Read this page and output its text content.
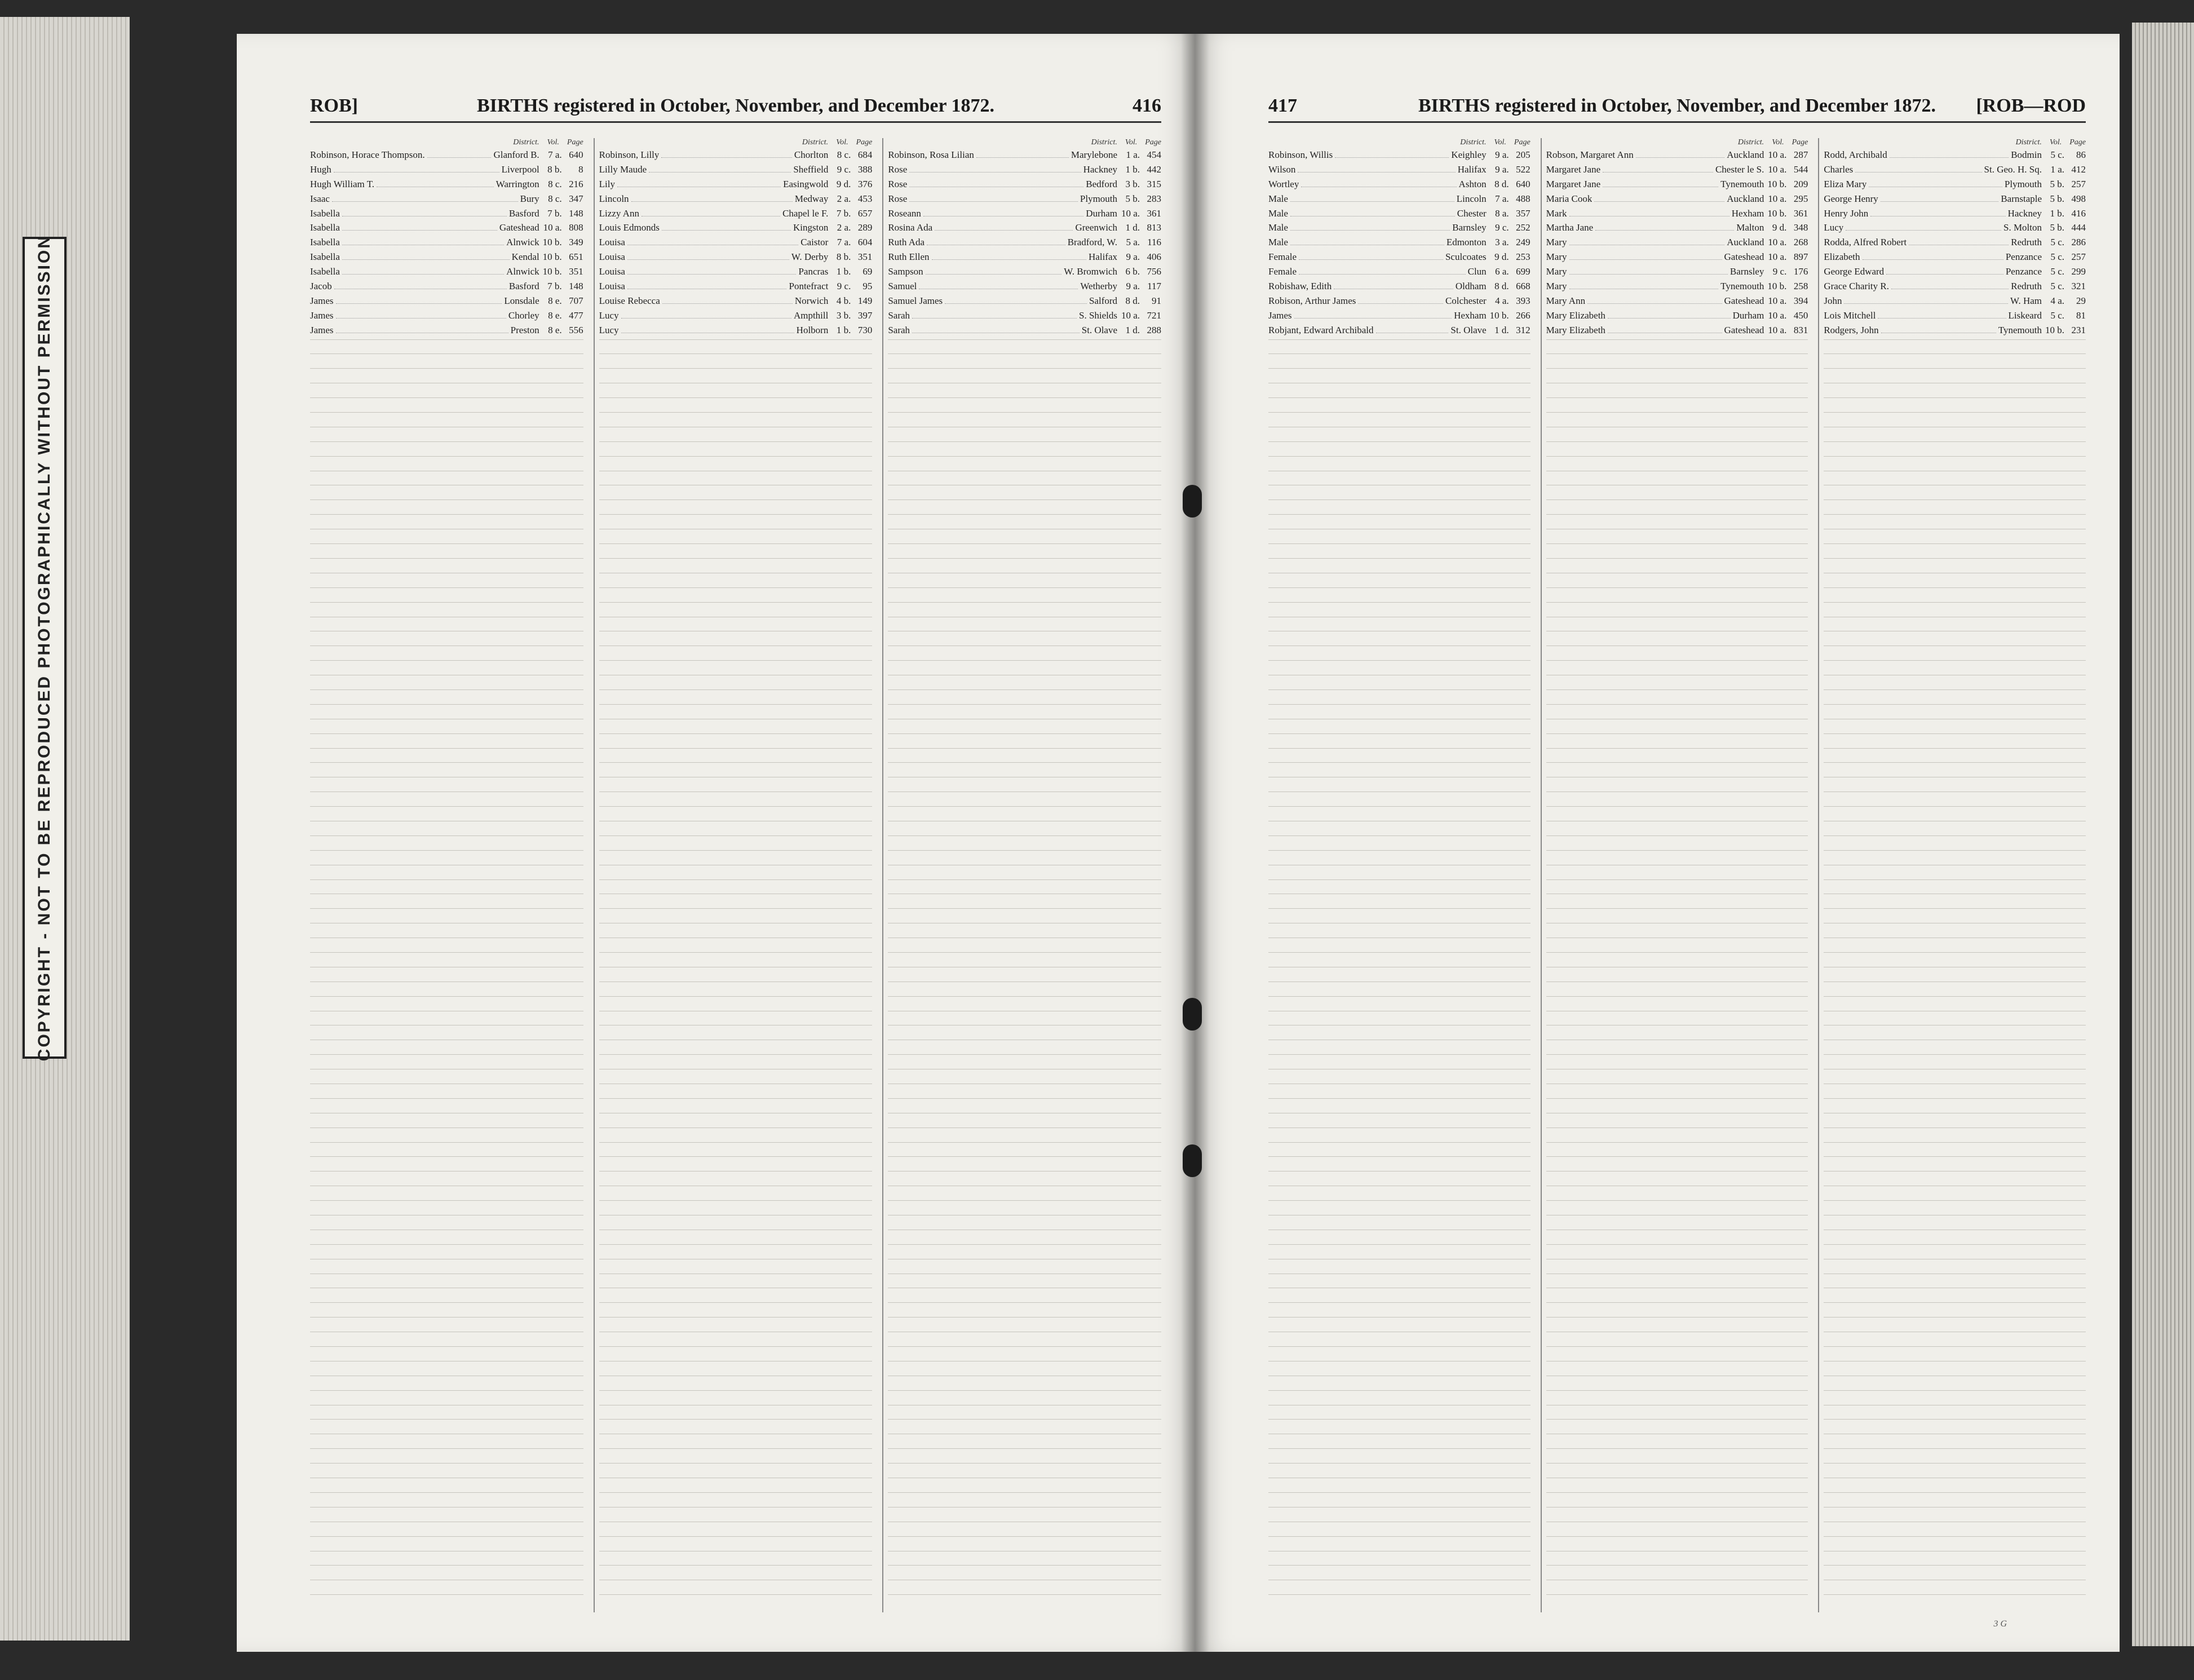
COPYRIGHT - NOT TO BE REPRODUCED PHOTOGRAPHICALLY WITHOUT PERMISSION
ROB]	BIRTHS registered in October, November, and December 1872.	416
District. Vol. Page
Robinson, Horace Thompson.	Glanford B. 7 a. 640
Hugh	Liverpool 8 b.	8
Hugh William T.	Warrington 8 c. 216
Isaac	Bury 8 c. 347
Isabella	Basford 7 b. 148
Isabella	Gateshead 10 a. 808
Isabella	Alnwick 10 b. 349
Isabella	Kendal 10 b. 651
Isabella	Alnwick 10 b. 351
Jacob	Basford 7 b. 148
James	Lonsdale 8 e. 707
James	Chorley 8 e. 477
James	Preston 8 e. 556
District. Vol. Page
Robinson, Lilly	Chorlton 8 c. 684
Lilly Maude	Sheffield 9 c. 388
Lily	Easingwold 9 d. 376
Lincoln	Medway 2 a. 453
Lizzy Ann	Chapel le F. 7 b. 657
Louis Edmonds	Kingston 2 a. 289
Louisa	Caistor 7 a. 604
Louisa	W. Derby 8 b. 351
Louisa	Pancras 1 b.	69
Louisa	Pontefract 9 c.	95
Louise Rebecca	Norwich 4 b. 149
Lucy	Ampthill 3 b. 397
Lucy	Holborn 1 b. 730
District. Vol. Page
Robinson, Rosa Lilian	Marylebone 1 a. 454
Rose	Hackney 1 b. 442
Rose	Bedford 3 b. 315
Rose	Plymouth 5 b. 283
Roseann	Durham 10 a. 361
Rosina Ada	Greenwich 1 d. 813
Ruth Ada	Bradford, W. 5 a. 116
Ruth Ellen	Halifax 9 a. 406
Sampson	W. Bromwich 6 b. 756
Samuel	Wetherby 9 a. 117
Samuel James	Salford 8 d.	91
Sarah	S. Shields 10 a. 721
Sarah	St. Olave 1 d. 288
417	BIRTHS registered in October, November, and December 1872.	[ROB—ROD
District. Vol. Page
Robinson, Willis	Keighley 9 a. 205
Wilson	Halifax 9 a. 522
Wortley	Ashton 8 d. 640
Male	Lincoln 7 a. 488
Male	Chester 8 a. 357
Male	Barnsley 9 c. 252
Male	Edmonton 3 a. 249
Female	Sculcoates 9 d. 253
Female	Clun 6 a. 699
Robishaw, Edith	Oldham 8 d. 668
Robison, Arthur James	Colchester 4 a. 393
James	Hexham 10 b. 266
Robjant, Edward Archibald	St. Olave 1 d. 312
District. Vol. Page
Robson, Margaret Ann	Auckland 10 a. 287
Margaret Jane	Chester le S. 10 a. 544
Margaret Jane	Tynemouth 10 b. 209
Maria Cook	Auckland 10 a. 295
Mark	Hexham 10 b. 361
Martha Jane	Malton 9 d. 348
Mary	Auckland 10 a. 268
Mary	Gateshead 10 a. 897
Mary	Barnsley 9 c. 176
Mary	Tynemouth 10 b. 258
Mary Ann	Gateshead 10 a. 394
Mary Elizabeth	Durham 10 a. 450
Mary Elizabeth	Gateshead 10 a. 831
District. Vol. Page
Rodd, Archibald	Bodmin 5 c.	86
Charles	St. Geo. H. Sq. 1 a. 412
Eliza Mary	Plymouth 5 b. 257
George Henry	Barnstaple 5 b. 498
Henry John	Hackney 1 b. 416
Lucy	S. Molton 5 b. 444
Rodda, Alfred Robert	Redruth 5 c. 286
Elizabeth	Penzance 5 c. 257
George Edward	Penzance 5 c. 299
Grace Charity R.	Redruth 5 c. 321
John	W. Ham 4 a.	29
Lois Mitchell	Liskeard 5 c.	81
Rodgers, John	Tynemouth 10 b. 231
3 G
